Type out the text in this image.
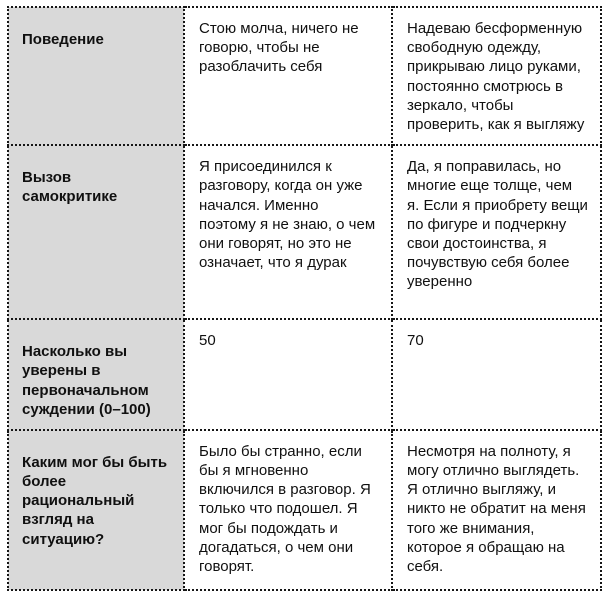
Поведение	Стою молча, ничего не говорю, чтобы не разоблачить себя	Надеваю бесформенную свободную одежду, прикрываю лицо руками, постоянно смотрюсь в зеркало, чтобы проверить, как я выгляжу
Вызов самокритике	Я присоединился к разговору, когда он уже начался. Именно поэтому я не знаю, о чем они говорят, но это не означает, что я дурак	Да, я поправилась, но многие еще толще, чем я. Если я приобрету вещи по фигуре и подчеркну свои достоинства, я почувствую себя более уверенно
Насколько вы уверены в первоначальном суждении (0–100)	50	70
Каким мог бы быть более рациональный взгляд на ситуацию?	Было бы странно, если бы я мгновенно включился в разговор. Я только что подошел. Я мог бы подождать и догадаться, о чем они говорят.	Несмотря на полноту, я могу отлично выглядеть. Я отлично выгляжу, и никто не обратит на меня того же внимания, которое я обращаю на себя.
